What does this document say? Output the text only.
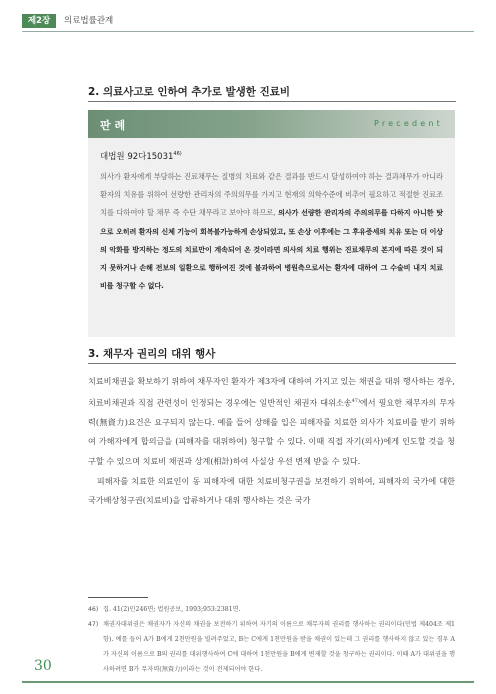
제2장	의료법률관계
2. 의료사고로 인하여 추가로 발생한 진료비
판 례	Precedent
대법원 92다15031$^{46)}$
의사가 환자에게 부담하는 진료채무는 질병의 치료와 같은 결과를 반드시 달성하여야 하는 결과채무가 아니라 환자의 치유를 위하여 선량한 관리자의 주의의무를 가지고 현재의 의학수준에 비추어 필요하고 적절한 진료조치를 다하여야 할 채무 즉 수단 채무라고 보아야 하므로, 의사가 선량한 관리자의 주의의무를 다하지 아니한 탓으로 오히려 환자의 신체 기능이 회복불가능하게 손상되었고, 또 손상 이후에는 그 후유증세의 치유 또는 더 이상의 악화를 방지하는 정도의 치료만이 계속되어 온 것이라면 의사의 치료 행위는 진료채무의 본지에 따른 것이 되지 못하거나 손해 전보의 일환으로 행하여진 것에 불과하여 병원측으로서는 환자에 대하여 그 수술비 내지 치료비를 청구할 수 없다.
3. 채무자 권리의 대위 행사

치료비채권을 확보하기 위하여 채무자인 환자가 제3자에 대하여 가지고 있는 채권을 대위 행사하는 경우, 치료비채권과 직접 관련성이 인정되는 경우에는 일반적인 채권자 대위소송$^{47)}$에서 필요한 채무자의 무자력(無資力)요건은 요구되지 않는다. 예를 들어 상해를 입은 피해자를 치료한 의사가 치료비를 받기 위하여 가해자에게 합의금을 (피해자를 대위하여) 청구할 수 있다. 이때 직접 자기(의사)에게 인도할 것을 청구할 수 있으며 치료비 채권과 상계(相計)하여 사실상 우선 변제 받을 수 있다.

피해자를 치료한 의료인이 동 피해자에 대한 치료비청구권을 보전하기 위하여, 피해자의 국가에 대한 국가배상청구권(치료비)을 압류하거나 대위 행사하는 것은 국가

46) 집. 41(2)민246면; 법원공보, 1993;953:2381면.
47) 채권자대위권은 채권자가 자신의 채권을 보전하기 위하여 자기의 이름으로 채무자의 권리를 행사하는 권리이다(민법 제404조 제1항). 예를 들어 A가 B에게 2천만원을 빌려주었고, B는 C에게 1천만원을 받을 채권이 있는데 그 권리를 행사하지 않고 있는 경우 A가 자신의 이름으로 B의 권리를 대위행사하여 C에 대하여 1천만원을 B에게 변제할 것을 청구하는 권리이다. 이때 A가 대위권을 행사하려면 B가 무자력(無資力)이라는 것이 전제되어야 한다.
30
